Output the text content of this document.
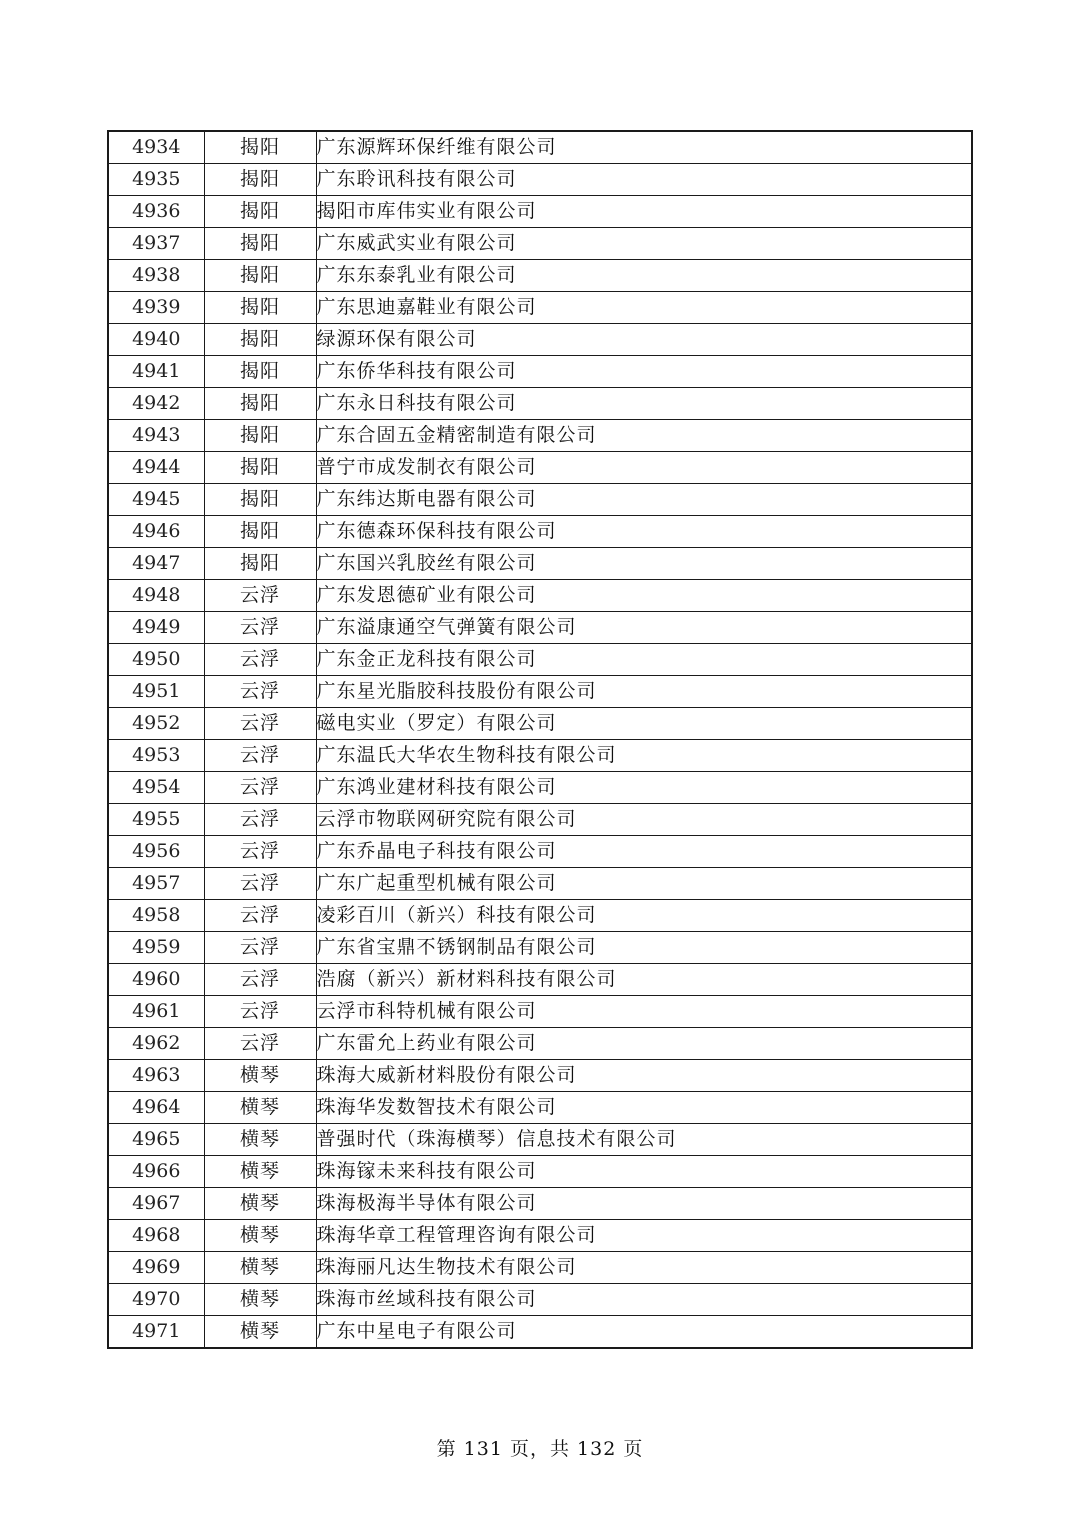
4934	揭阳	广东源辉环保纤维有限公司
4935	揭阳	广东聆讯科技有限公司
4936	揭阳	揭阳市库伟实业有限公司
4937	揭阳	广东威武实业有限公司
4938	揭阳	广东东泰乳业有限公司
4939	揭阳	广东思迪嘉鞋业有限公司
4940	揭阳	绿源环保有限公司
4941	揭阳	广东侨华科技有限公司
4942	揭阳	广东永日科技有限公司
4943	揭阳	广东合固五金精密制造有限公司
4944	揭阳	普宁市成发制衣有限公司
4945	揭阳	广东纬达斯电器有限公司
4946	揭阳	广东德森环保科技有限公司
4947	揭阳	广东国兴乳胶丝有限公司
4948	云浮	广东发恩德矿业有限公司
4949	云浮	广东溢康通空气弹簧有限公司
4950	云浮	广东金正龙科技有限公司
4951	云浮	广东星光脂胶科技股份有限公司
4952	云浮	磁电实业（罗定）有限公司
4953	云浮	广东温氏大华农生物科技有限公司
4954	云浮	广东鸿业建材科技有限公司
4955	云浮	云浮市物联网研究院有限公司
4956	云浮	广东乔晶电子科技有限公司
4957	云浮	广东广起重型机械有限公司
4958	云浮	凌彩百川（新兴）科技有限公司
4959	云浮	广东省宝鼎不锈钢制品有限公司
4960	云浮	浩腐（新兴）新材料科技有限公司
4961	云浮	云浮市科特机械有限公司
4962	云浮	广东雷允上药业有限公司
4963	横琴	珠海大威新材料股份有限公司
4964	横琴	珠海华发数智技术有限公司
4965	横琴	普强时代（珠海横琴）信息技术有限公司
4966	横琴	珠海镓未来科技有限公司
4967	横琴	珠海极海半导体有限公司
4968	横琴	珠海华章工程管理咨询有限公司
4969	横琴	珠海丽凡达生物技术有限公司
4970	横琴	珠海市丝域科技有限公司
4971	横琴	广东中星电子有限公司
第 131 页，共 132 页
